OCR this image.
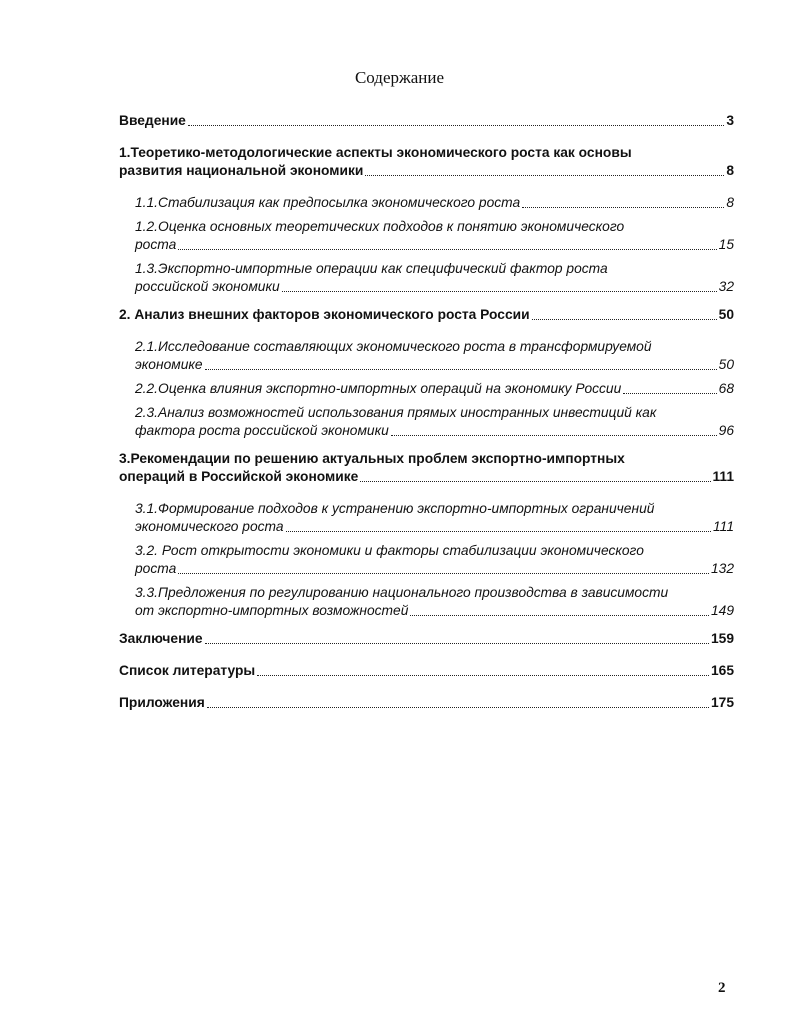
Содержание
Введение	3
1.Теоретико-методологические аспекты экономического роста как основы
развития национальной экономики	8
1.1.Стабилизация как предпосылка экономического роста	8
1.2.Оценка основных теоретических подходов к понятию экономического
роста	15
1.3.Экспортно-импортные операции как специфический фактор роста
российской экономики	32
2. Анализ внешних факторов экономического роста России	50
2.1.Исследование составляющих экономического роста в трансформируемой
экономике	50
2.2.Оценка влияния экспортно-импортных операций на экономику России	68
2.3.Анализ возможностей использования прямых иностранных инвестиций как
фактора роста российской экономики	96
3.Рекомендации по решению актуальных проблем экспортно-импортных
операций в Российской экономике	111
3.1.Формирование подходов к устранению экспортно-импортных ограничений
экономического роста	111
3.2. Рост открытости экономики и факторы стабилизации экономического
роста	132
3.3.Предложения по регулированию национального производства в зависимости
от экспортно-импортных возможностей	149
Заключение	159
Список литературы	165
Приложения	175
2
